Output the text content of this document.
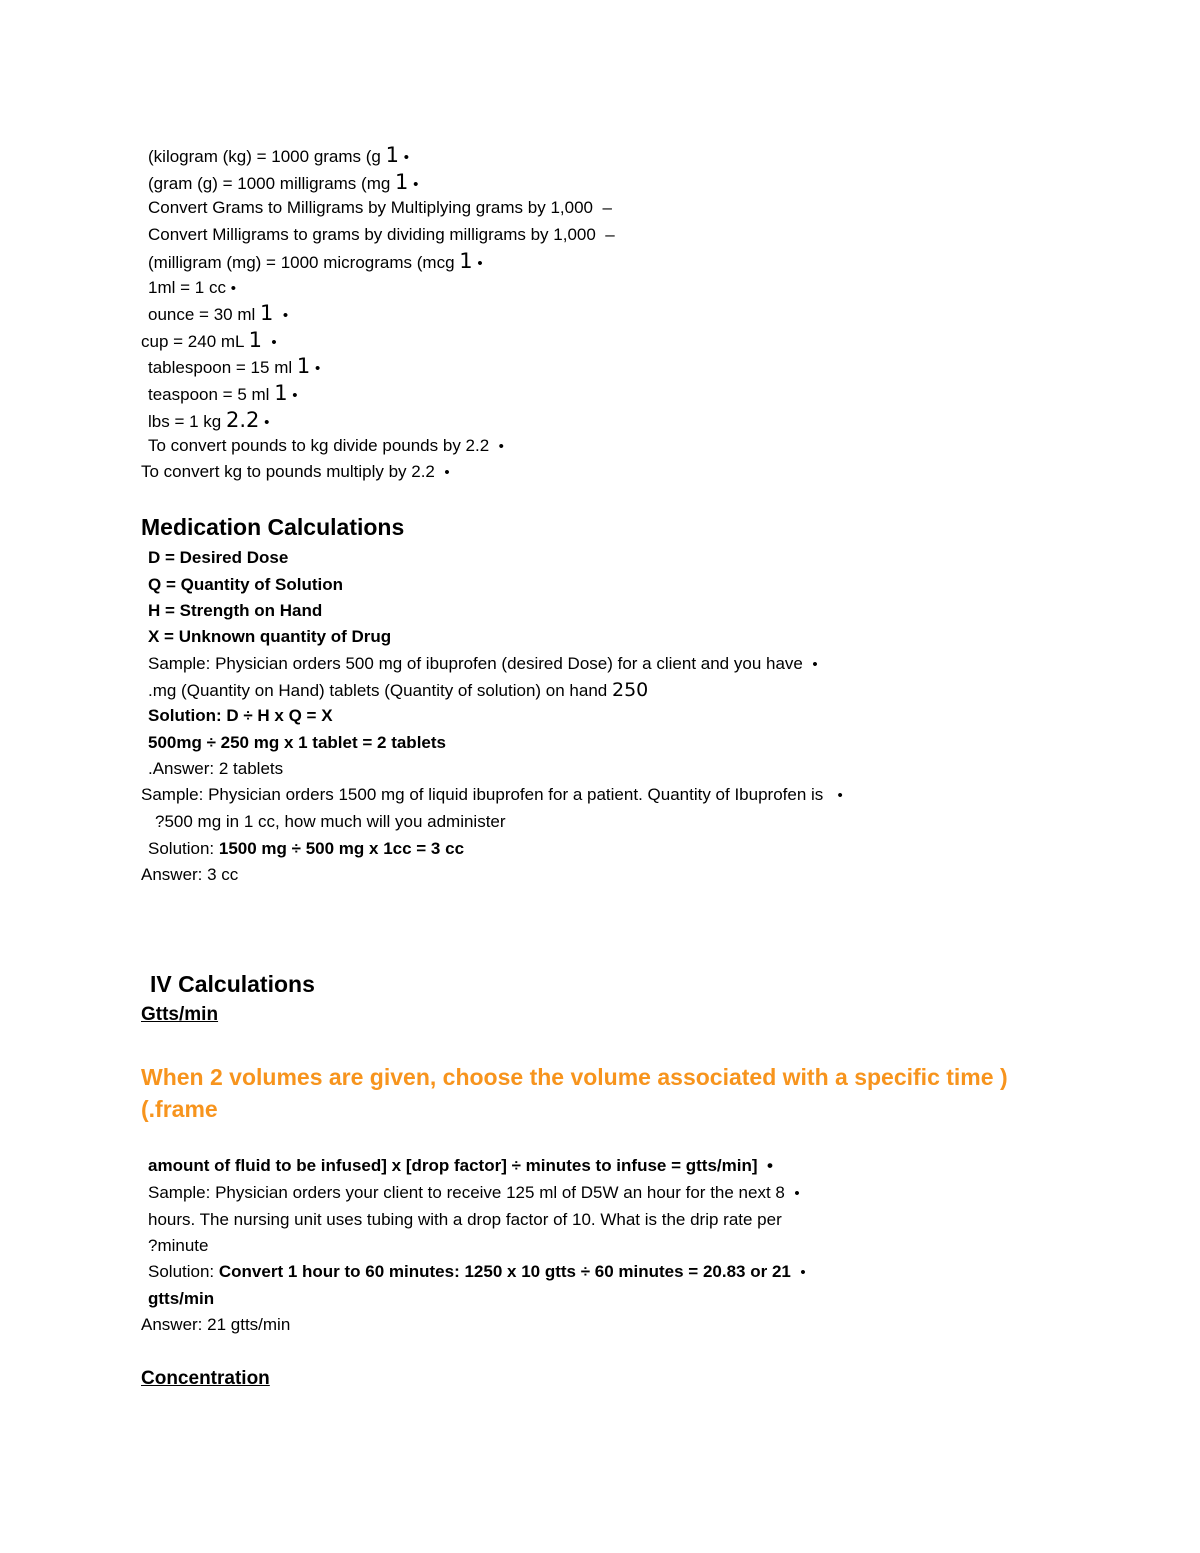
(kilogram (kg) = 1000 grams (g 1 •
(gram (g) = 1000 milligrams (mg 1 •
Convert Grams to Milligrams by Multiplying grams by 1,000 –
Convert Milligrams to grams by dividing milligrams by 1,000 –
(milligram (mg) = 1000 micrograms (mcg 1 •
1ml = 1 cc •
ounce = 30 ml 1 •
cup = 240 mL 1 •
tablespoon = 15 ml 1 •
teaspoon = 5 ml 1 •
lbs = 1 kg 2.2 •
To convert pounds to kg divide pounds by 2.2 •
To convert kg to pounds multiply by 2.2 •
Medication Calculations
D = Desired Dose
Q = Quantity of Solution
H = Strength on Hand
X = Unknown quantity of Drug
Sample: Physician orders 500 mg of ibuprofen (desired Dose) for a client and you have •
.mg (Quantity on Hand) tablets (Quantity of solution) on hand 250
Solution: D ÷ H x Q = X
500mg ÷ 250 mg x 1 tablet = 2 tablets
.Answer: 2 tablets
Sample: Physician orders 1500 mg of liquid ibuprofen for a patient. Quantity of Ibuprofen is •
?500 mg in 1 cc, how much will you administer
Solution: 1500 mg ÷ 500 mg x 1cc = 3 cc
Answer: 3 cc
IV Calculations
Gtts/min
When 2 volumes are given, choose the volume associated with a specific time )
(.frame
amount of fluid to be infused] x [drop factor] ÷ minutes to infuse = gtts/min] •
Sample: Physician orders your client to receive 125 ml of D5W an hour for the next 8 •
hours. The nursing unit uses tubing with a drop factor of 10. What is the drip rate per
?minute
Solution: Convert 1 hour to 60 minutes: 1250 x 10 gtts ÷ 60 minutes = 20.83 or 21 •
gtts/min
Answer: 21 gtts/min
Concentration
